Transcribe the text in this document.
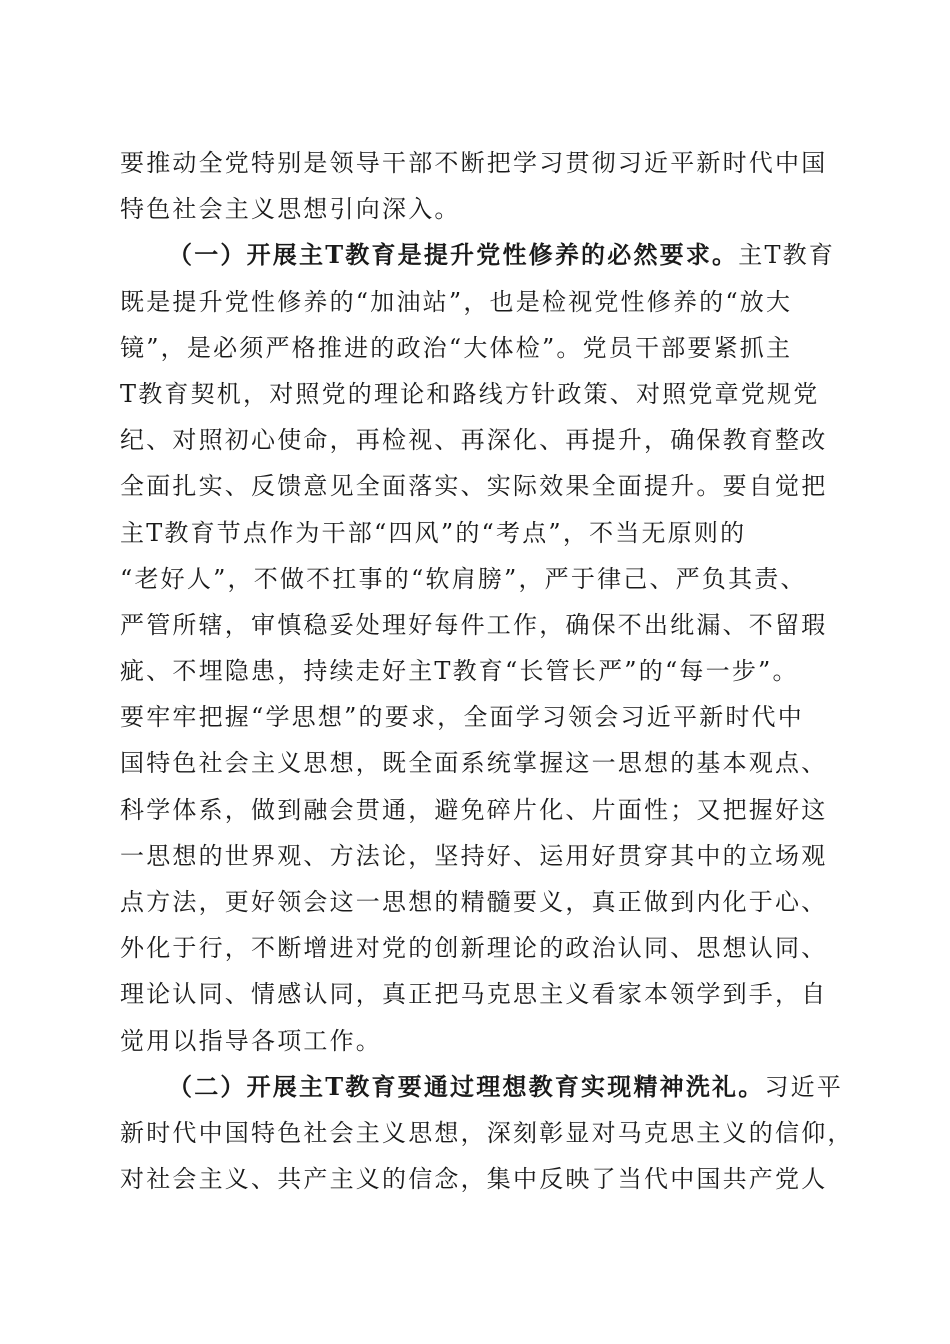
要推动全党特别是领导干部不断把学习贯彻习近平新时代中国
特色社会主义思想引向深入。
（一）开展主T教育是提升党性修养的必然要求。主T教育
既是提升党性修养的“加油站”，也是检视党性修养的“放大
镜”，是必须严格推进的政治“大体检”。党员干部要紧抓主
T教育契机，对照党的理论和路线方针政策、对照党章党规党
纪、对照初心使命，再检视、再深化、再提升，确保教育整改
全面扎实、反馈意见全面落实、实际效果全面提升。要自觉把
主T教育节点作为干部“四风”的“考点”，不当无原则的
“老好人”，不做不扛事的“软肩膀”，严于律己、严负其责、
严管所辖，审慎稳妥处理好每件工作，确保不出纰漏、不留瑕
疵、不埋隐患，持续走好主T教育“长管长严”的“每一步”。
要牢牢把握“学思想”的要求，全面学习领会习近平新时代中
国特色社会主义思想，既全面系统掌握这一思想的基本观点、
科学体系，做到融会贯通，避免碎片化、片面性；又把握好这
一思想的世界观、方法论，坚持好、运用好贯穿其中的立场观
点方法，更好领会这一思想的精髓要义，真正做到内化于心、
外化于行，不断增进对党的创新理论的政治认同、思想认同、
理论认同、情感认同，真正把马克思主义看家本领学到手，自
觉用以指导各项工作。
（二）开展主T教育要通过理想教育实现精神洗礼。习近平
新时代中国特色社会主义思想，深刻彰显对马克思主义的信仰，
对社会主义、共产主义的信念，集中反映了当代中国共产党人
